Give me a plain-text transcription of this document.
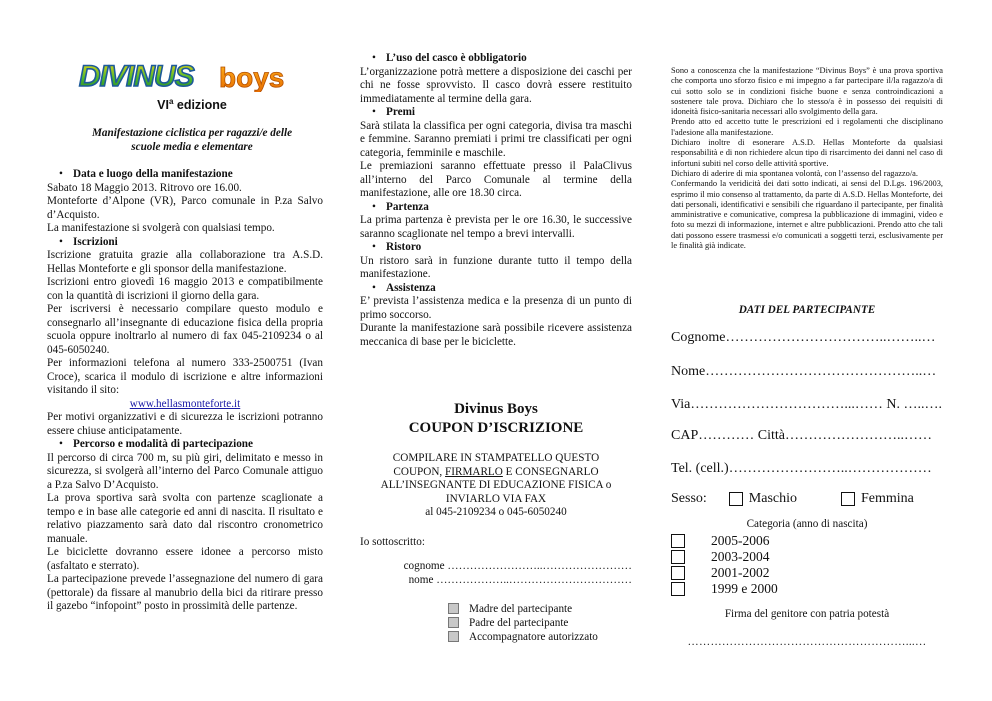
DIVINUS boys
$VI^a$ edizione
Manifestazione ciclistica per ragazzi/e delle scuole media e elementare
• Data e luogo della manifestazione

Sabato 18 Maggio 2013. Ritrovo ore 16.00.

Monteforte d’Alpone (VR), Parco comunale in P.za Salvo d’Acquisto.

La manifestazione si svolgerà con qualsiasi tempo.

• Iscrizioni

Iscrizione gratuita grazie alla collaborazione tra A.S.D. Hellas Monteforte e gli sponsor della manifestazione.

Iscrizioni entro giovedì 16 maggio 2013 e compatibilmente con la quantità di iscrizioni il giorno della gara.

Per iscriversi è necessario compilare questo modulo e consegnarlo all’insegnante di educazione fisica della propria scuola oppure inoltrarlo al numero di fax 045-2109234 o al 045-6050240.

Per informazioni telefona al numero 333-2500751 (Ivan Croce), scarica il modulo di iscrizione e altre informazioni visitando il sito:

www.hellasmonteforte.it

Per motivi organizzativi e di sicurezza le iscrizioni potranno essere chiuse anticipatamente.

• Percorso e modalità di partecipazione

Il percorso di circa 700 m, su più giri, delimitato e messo in sicurezza, si svolgerà all’interno del Parco Comunale attiguo a P.za Salvo D’Acquisto.

La prova sportiva sarà svolta con partenze scaglionate a tempo e in base alle categorie ed anni di nascita. Il risultato e relativo piazzamento sarà dato dal riscontro cronometrico manuale.

Le biciclette dovranno essere idonee a percorso misto (asfaltato e sterrato).

La partecipazione prevede l’assegnazione del numero di gara (pettorale) da fissare al manubrio della bici da ritirare presso il gazebo “infopoint” posto in prossimità delle partenze.

• L’uso del casco è obbligatorio

L’organizzazione potrà mettere a disposizione dei caschi per chi ne fosse sprovvisto. Il casco dovrà essere restituito immediatamente al termine della gara.

• Premi

Sarà stilata la classifica per ogni categoria, divisa tra maschi e femmine. Saranno premiati i primi tre classificati per ogni categoria, femminile e maschile.

Le premiazioni saranno effettuate presso il PalaClivus all’interno del Parco Comunale al termine della manifestazione, alle ore 18.30 circa.

• Partenza

La prima partenza è prevista per le ore 16.30, le successive saranno scaglionate nel tempo a brevi intervalli.

• Ristoro

Un ristoro sarà in funzione durante tutto il tempo della manifestazione.

• Assistenza

E’ prevista l’assistenza medica e la presenza di un punto di primo soccorso.

Durante la manifestazione sarà possibile ricevere assistenza meccanica di base per le biciclette.

Divinus Boys
COUPON D’ISCRIZIONE
COMPILARE IN STAMPATELLO QUESTO
COUPON, FIRMARLO E CONSEGNARLO
ALL’INSEGNANTE DI EDUCAZIONE FISICA o
INVIARLO VIA FAX
al 045-2109234 o 045-6050240
Io sottoscritto:
cognome ……………………..……………………
nome ………………..……………………………
Madre del partecipante
Padre del partecipante
Accompagnatore autorizzato

Sono a conoscenza che la manifestazione “Divinus Boys” è una prova sportiva che comporta uno sforzo fisico e mi impegno a far partecipare il/la ragazzo/a di cui sotto solo se in condizioni fisiche buone e senza controindicazioni a sostenere tale prova. Dichiaro che lo stesso/a è in possesso dei requisiti di idoneità fisico-sanitaria necessari allo svolgimento della gara.

Prendo atto ed accetto tutte le prescrizioni ed i regolamenti che disciplinano l'adesione alla manifestazione.

Dichiaro inoltre di esonerare A.S.D. Hellas Monteforte da qualsiasi responsabilità e di non richiedere alcun tipo di risarcimento dei danni nel caso di infortuni subiti nel corso delle attività sportive.

Dichiaro di aderire di mia spontanea volontà, con l’assenso del ragazzo/a.

Confermando la veridicità dei dati sotto indicati, ai sensi del D.Lgs. 196/2003, esprimo il mio consenso al trattamento, da parte di A.S.D. Hellas Monteforte, dei dati personali, identificativi e sensibili che riguardano il partecipante, per finalità amministrative e comunicative, compresa la pubblicazione di immagini, video e foto su mezzi di informazione, internet e altre pubblicazioni. Prendo atto che tali dati possono essere trasmessi e/o comunicati a soggetti terzi, esclusivamente per le finalità già indicate.

DATI DEL PARTECIPANTE
Cognome……………………………..……..…
Nome………………………………………..…
Via……………………………...…… N. …..….
CAP………… Città……………………..……
Tel. (cell.)……………………..………………
Sesso:	Maschio	Femmina
Categoria (anno di nascita)
2005-2006
2003-2004
2001-2002
1999 e 2000
Firma del genitore con patria potestà
…………………………………………………...…
